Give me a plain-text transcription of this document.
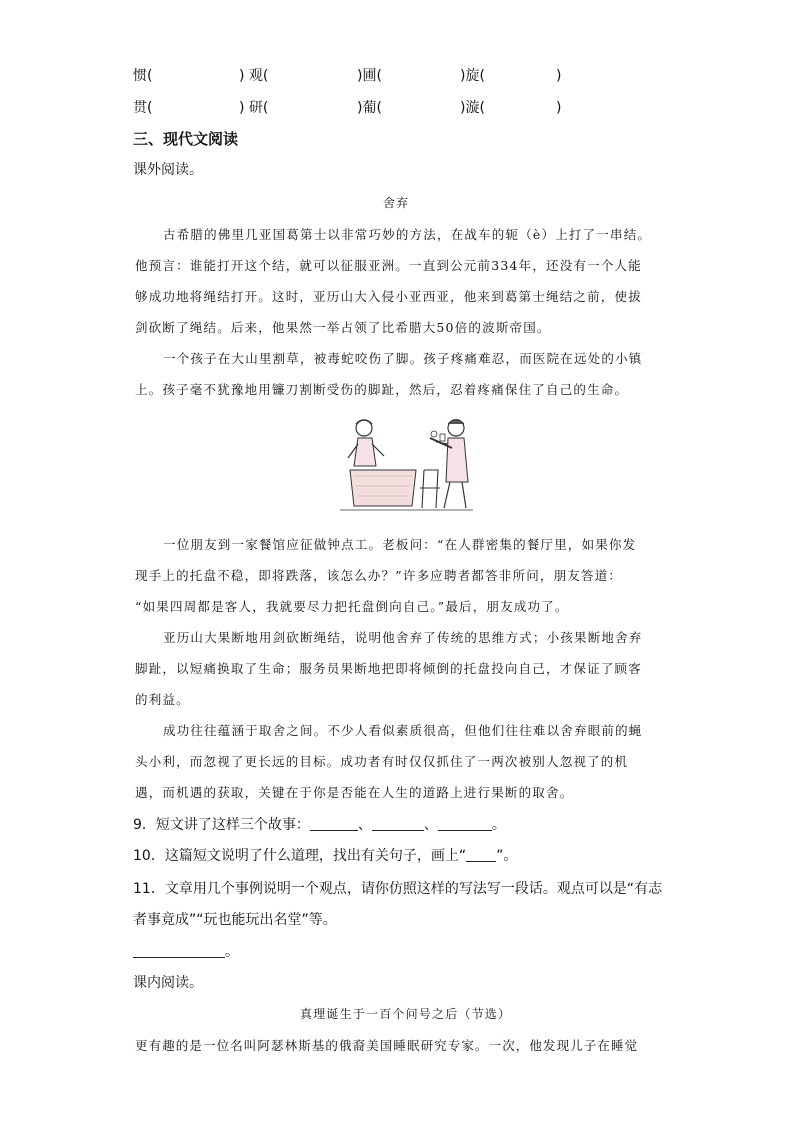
惯(	) 观(	)圃(	)旋(	)
贯(	) 研(	)葡(	)漩(	)
三、现代文阅读
课外阅读。
舍弃
古希腊的佛里几亚国葛第士以非常巧妙的方法，在战车的轭（è）上打了一串结。
他预言：谁能打开这个结，就可以征服亚洲。一直到公元前334年，还没有一个人能
够成功地将绳结打开。这时，亚历山大入侵小亚西亚，他来到葛第士绳结之前，使拔
剑砍断了绳结。后来，他果然一举占领了比希腊大50倍的波斯帝国。
一个孩子在大山里割草，被毒蛇咬伤了脚。孩子疼痛难忍，而医院在远处的小镇
上。孩子毫不犹豫地用镰刀割断受伤的脚趾，然后，忍着疼痛保住了自己的生命。
一位朋友到一家餐馆应征做钟点工。老板问：“在人群密集的餐厅里，如果你发
现手上的托盘不稳，即将跌落，该怎么办？”许多应聘者都答非所问，朋友答道：
“如果四周都是客人，我就要尽力把托盘倒向自己。”最后，朋友成功了。
亚历山大果断地用剑砍断绳结，说明他舍弃了传统的思维方式；小孩果断地舍弃
脚趾，以短痛换取了生命；服务员果断地把即将倾倒的托盘投向自己，才保证了顾客
的利益。
成功往往蕴涵于取舍之间。不少人看似素质很高，但他们往往难以舍弃眼前的蝇
头小利，而忽视了更长远的目标。成功者有时仅仅抓住了一两次被别人忽视了的机
遇，而机遇的获取，关键在于你是否能在人生的道路上进行果断的取舍。
9．短文讲了这样三个故事：	、	、	。
10．这篇短文说明了什么道理，找出有关句子，画上“ ”。
11．文章用几个事例说明一个观点，请你仿照这样的写法写一段话。观点可以是“有志
者事竟成”“玩也能玩出名堂”等。
。
课内阅读。
真理诞生于一百个问号之后（节选）
更有趣的是一位名叫阿瑟林斯基的俄裔美国睡眠研究专家。一次，他发现儿子在睡觉
